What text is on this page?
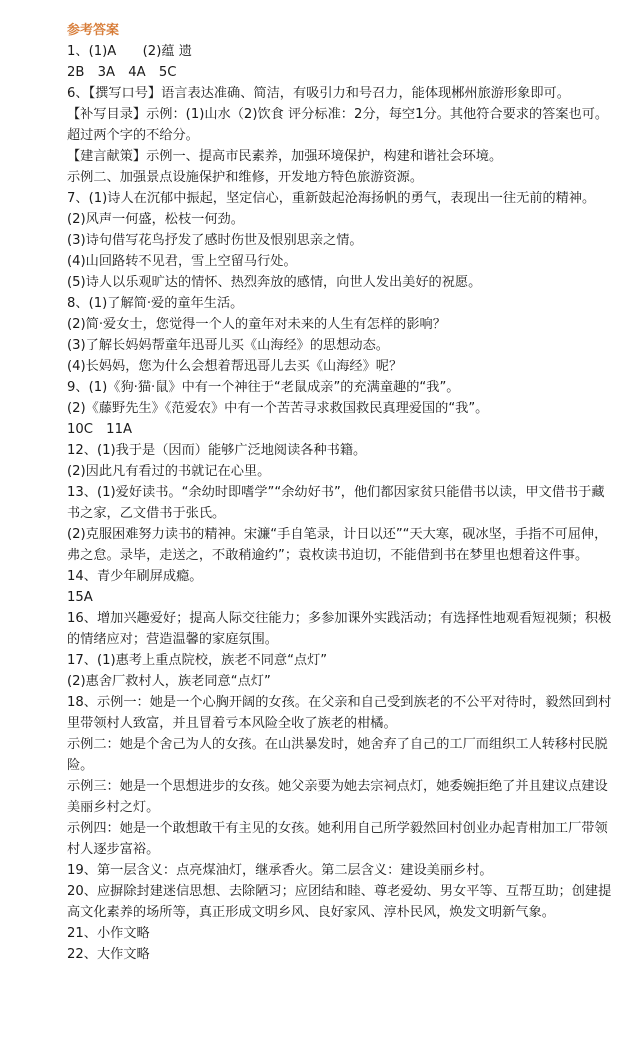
参考答案
1、(1)A　　(2)蕴 遗
2B　3A　4A　5C
6、【撰写口号】语言表达准确、简洁，有吸引力和号召力，能体现郴州旅游形象即可。
【补写目录】示例：(1)山水（2)饮食 评分标准：2分，每空1分。其他符合要求的答案也可。超过两个字的不给分。
【建言献策】示例一、提高市民素养，加强环境保护，构建和谐社会环境。
示例二、加强景点设施保护和维修，开发地方特色旅游资源。
7、(1)诗人在沉郁中振起，坚定信心，重新鼓起沧海扬帆的勇气，表现出一往无前的精神。
(2)风声一何盛，松枝一何劲。
(3)诗句借写花鸟抒发了感时伤世及恨别思亲之情。
(4)山回路转不见君，雪上空留马行处。
(5)诗人以乐观旷达的情怀、热烈奔放的感情，向世人发出美好的祝愿。
8、(1)了解简·爱的童年生活。
(2)简·爱女士，您觉得一个人的童年对未来的人生有怎样的影响？
(3)了解长妈妈帮童年迅哥儿买《山海经》的思想动态。
(4)长妈妈，您为什么会想着帮迅哥儿去买《山海经》呢？
9、(1)《狗·猫·鼠》中有一个神往于“老鼠成亲”的充满童趣的“我”。
(2)《藤野先生》《范爱农》中有一个苦苦寻求救国救民真理爱国的“我”。
10C　11A
12、(1)我于是（因而）能够广泛地阅读各种书籍。
(2)因此凡有看过的书就记在心里。
13、(1)爱好读书。“余幼时即嗜学”“余幼好书”，他们都因家贫只能借书以读，甲文借书于藏书之家，乙文借书于张氏。
(2)克服困难努力读书的精神。宋濂“手自笔录，计日以还”“天大寒，砚冰坚，手指不可屈伸，弗之怠。录毕，走送之，不敢稍逾约”；袁枚读书迫切，不能借到书在梦里也想着这件事。
14、青少年刷屏成瘾。
15A
16、增加兴趣爱好；提高人际交往能力；多参加课外实践活动；有选择性地观看短视频；积极的情绪应对；营造温馨的家庭氛围。
17、(1)惠考上重点院校，族老不同意“点灯”
(2)惠舍厂救村人，族老同意“点灯”
18、示例一：她是一个心胸开阔的女孩。在父亲和自己受到族老的不公平对待时，毅然回到村里带领村人致富，并且冒着亏本风险全收了族老的柑橘。
示例二：她是个舍己为人的女孩。在山洪暴发时，她舍弃了自己的工厂而组织工人转移村民脱险。
示例三：她是一个思想进步的女孩。她父亲要为她去宗祠点灯，她委婉拒绝了并且建议点建设美丽乡村之灯。
示例四：她是一个敢想敢干有主见的女孩。她利用自己所学毅然回村创业办起青柑加工厂带领村人逐步富裕。
19、第一层含义：点亮煤油灯，继承香火。第二层含义：建设美丽乡村。
20、应摒除封建迷信思想、去除陋习；应团结和睦、尊老爱幼、男女平等、互帮互助；创建提高文化素养的场所等，真正形成文明乡风、良好家风、淳朴民风，焕发文明新气象。
21、小作文略
22、大作文略
